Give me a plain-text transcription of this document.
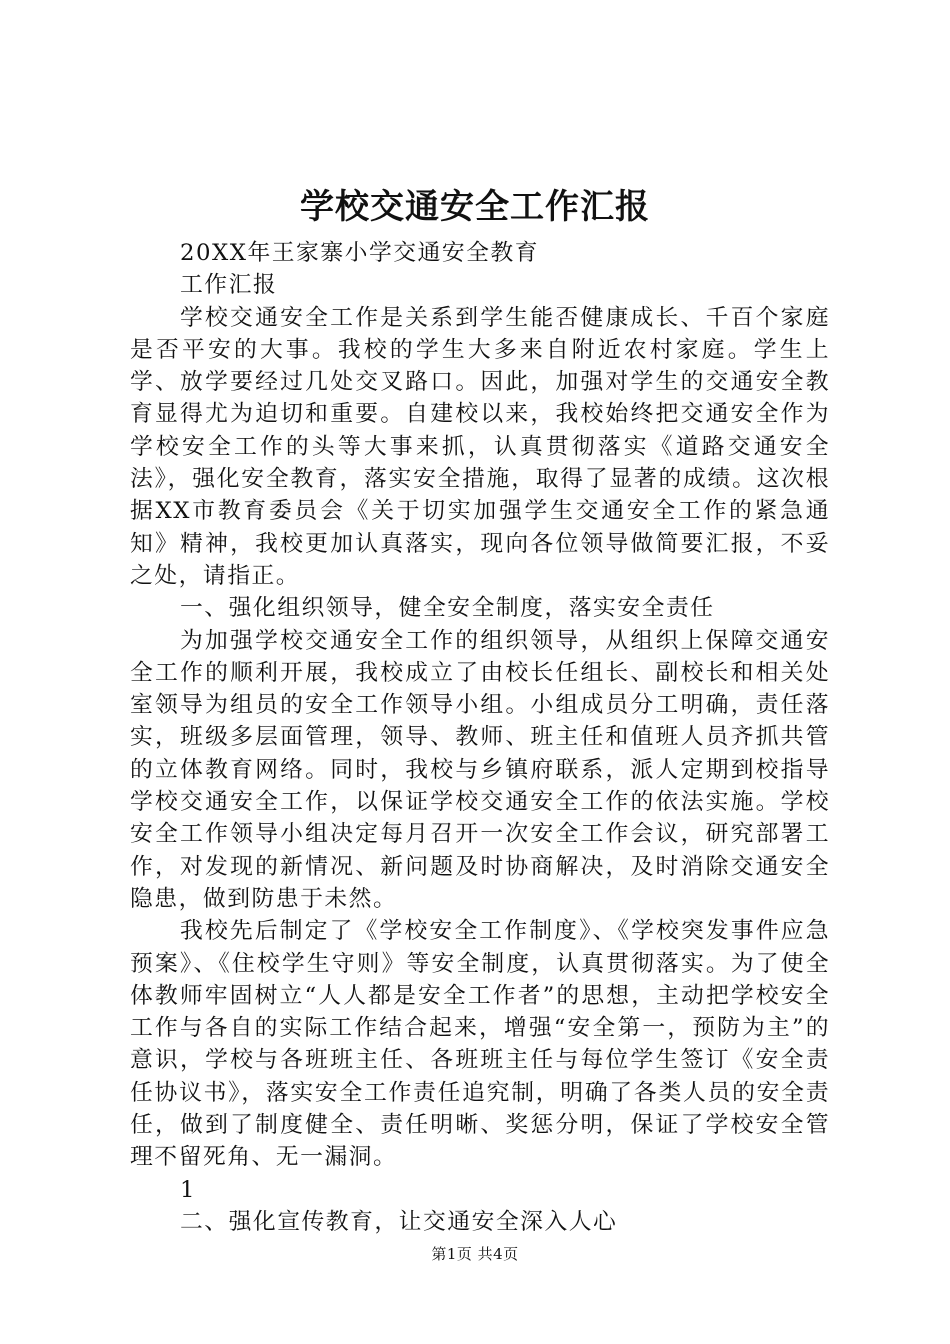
学校交通安全工作汇报

20XX年王家寨小学交通安全教育

工作汇报

学校交通安全工作是关系到学生能否健康成长、千百个家庭是否平安的大事。我校的学生大多来自附近农村家庭。学生上学、放学要经过几处交叉路口。因此，加强对学生的交通安全教育显得尤为迫切和重要。自建校以来，我校始终把交通安全作为学校安全工作的头等大事来抓，认真贯彻落实《道路交通安全法》，强化安全教育，落实安全措施，取得了显著的成绩。这次根据XX市教育委员会《关于切实加强学生交通安全工作的紧急通知》精神，我校更加认真落实，现向各位领导做简要汇报，不妥之处，请指正。

一、强化组织领导，健全安全制度，落实安全责任

为加强学校交通安全工作的组织领导，从组织上保障交通安全工作的顺利开展，我校成立了由校长任组长、副校长和相关处室领导为组员的安全工作领导小组。小组成员分工明确，责任落实，班级多层面管理，领导、教师、班主任和值班人员齐抓共管的立体教育网络。同时，我校与乡镇府联系，派人定期到校指导学校交通安全工作，以保证学校交通安全工作的依法实施。学校安全工作领导小组决定每月召开一次安全工作会议，研究部署工作，对发现的新情况、新问题及时协商解决，及时消除交通安全隐患，做到防患于未然。

我校先后制定了《学校安全工作制度》、《学校突发事件应急预案》、《住校学生守则》等安全制度，认真贯彻落实。为了使全体教师牢固树立“人人都是安全工作者”的思想，主动把学校安全工作与各自的实际工作结合起来，增强“安全第一，预防为主”的意识，学校与各班班主任、各班班主任与每位学生签订《安全责任协议书》，落实安全工作责任追究制，明确了各类人员的安全责任，做到了制度健全、责任明晰、奖惩分明，保证了学校安全管理不留死角、无一漏洞。

1

二、强化宣传教育，让交通安全深入人心

第1页 共4页
